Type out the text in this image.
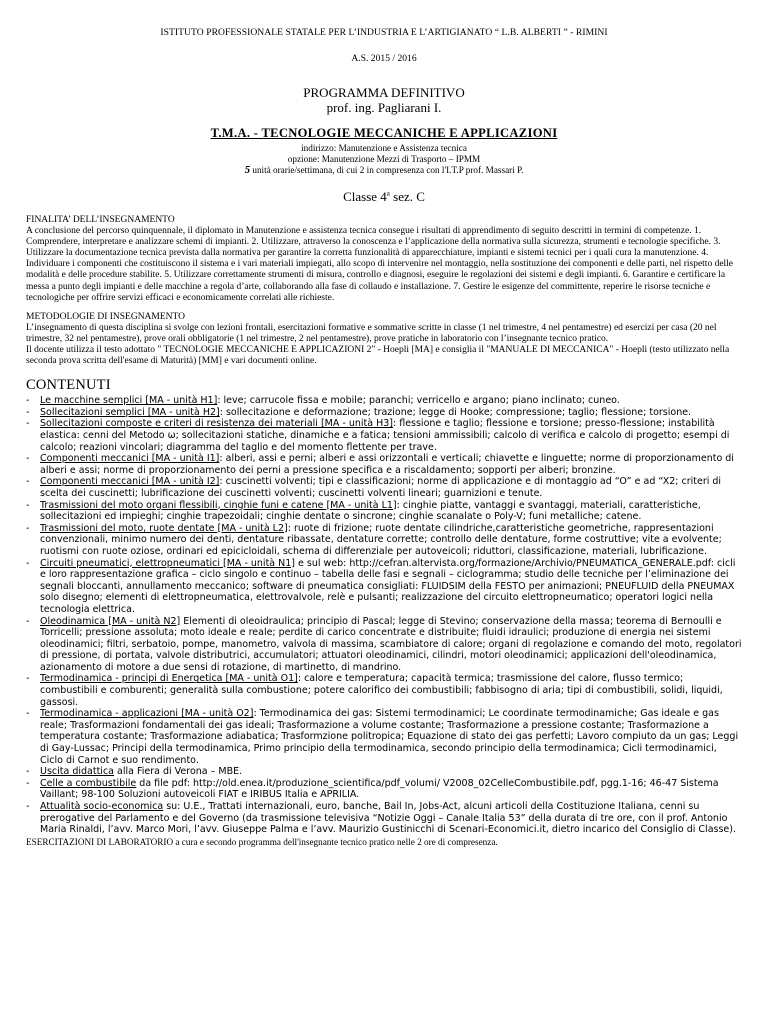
ISTITUTO PROFESSIONALE STATALE PER L’INDUSTRIA E L’ARTIGIANATO “ L.B. ALBERTI ” - RIMINI
A.S. 2015 / 2016
PROGRAMMA DEFINITIVO
prof. ing. Pagliarani I.
T.M.A. - TECNOLOGIE MECCANICHE E APPLICAZIONI
indirizzo: Manutenzione e Assistenza tecnica
opzione: Manutenzione Mezzi di Trasporto – IPMM
5 unità orarie/settimana, di cui 2 in compresenza con l'I.T.P prof. Massari P.
Classe 4$^a$ sez. C
FINALITA’ DELL’INSEGNAMENTO

A conclusione del percorso quinquennale, il diplomato in Manutenzione e assistenza tecnica consegue i risultati di apprendimento di seguito descritti in termini di competenze. 1. Comprendere, interpretare e analizzare schemi di impianti. 2. Utilizzare, attraverso la conoscenza e l’applicazione della normativa sulla sicurezza, strumenti e tecnologie specifiche. 3. Utilizzare la documentazione tecnica prevista dalla normativa per garantire la corretta funzionalità di apparecchiature, impianti e sistemi tecnici per i quali cura la manutenzione. 4. Individuare i componenti che costituiscono il sistema e i vari materiali impiegati, allo scopo di intervenire nel montaggio, nella sostituzione dei componenti e delle parti, nel rispetto delle modalità e delle procedure stabilite. 5. Utilizzare correttamente strumenti di misura, controllo e diagnosi, eseguire le regolazioni dei sistemi e degli impianti. 6. Garantire e certificare la messa a punto degli impianti e delle macchine a regola d’arte, collaborando alla fase di collaudo e installazione. 7. Gestire le esigenze del committente, reperire le risorse tecniche e tecnologiche per offrire servizi efficaci e economicamente correlati alle richieste.

METODOLOGIE DI INSEGNAMENTO

L’insegnamento di questa disciplina si svolge con lezioni frontali, esercitazioni formative e sommative scritte in classe (1 nel trimestre, 4 nel pentamestre) ed esercizi per casa (20 nel trimestre, 32 nel pentamestre), prove orali obbligatorie (1 nel trimestre, 2 nel pentamestre), prove pratiche in laboratorio con l’insegnante tecnico pratico.

Il docente utilizza il testo adottato " TECNOLOGIE MECCANICHE E APPLICAZIONI 2" - Hoepli [MA] e consiglia il "MANUALE DI MECCANICA" - Hoepli (testo utilizzato nella seconda prova scritta dell'esame di Maturità) [MM] e vari documenti online.

CONTENUTI
- Le macchine semplici [MA - unità H1]: leve; carrucole fissa e mobile; paranchi; verricello e argano; piano inclinato; cuneo.
- Sollecitazioni semplici [MA - unità H2]: sollecitazione e deformazione; trazione; legge di Hooke; compressione; taglio; flessione; torsione.
- Sollecitazioni composte e criteri di resistenza dei materiali [MA - unità H3]: flessione e taglio; flessione e torsione; presso-flessione; instabilità elastica: cenni del Metodo ω; sollecitazioni statiche, dinamiche e a fatica; tensioni ammissibili; calcolo di verifica e calcolo di progetto; esempi di calcolo; reazioni vincolari; diagramma del taglio e del momento flettente per trave.
- Componenti meccanici [MA - unità I1]: alberi, assi e perni; alberi e assi orizzontali e verticali; chiavette e linguette; norme di proporzionamento di alberi e assi; norme di proporzionamento dei perni a pressione specifica e a riscaldamento; sopporti per alberi; bronzine.
- Componenti meccanici [MA - unità I2]: cuscinetti volventi; tipi e classificazioni; norme di applicazione e di montaggio ad “O” e ad “X2; criteri di scelta dei cuscinetti; lubrificazione dei cuscinetti volventi; cuscinetti volventi lineari; guarnizioni e tenute.
- Trasmissioni del moto organi flessibili, cinghie funi e catene [MA - unità L1]: cinghie piatte, vantaggi e svantaggi, materiali, caratteristiche, sollecitazioni ed impieghi; cinghie trapezoidali; cinghie dentate o sincrone; cinghie scanalate o Poly-V; funi metalliche; catene.
- Trasmissioni del moto, ruote dentate [MA - unità L2]: ruote di frizione; ruote dentate cilindriche,caratteristiche geometriche, rappresentazioni convenzionali, minimo numero dei denti, dentature ribassate, dentature corrette; controllo delle dentature, forme costruttive; vite a evolvente; ruotismi con ruote oziose, ordinari ed epicicloidali, schema di differenziale per autoveicoli; riduttori, classificazione, materiali, lubrificazione.
- Circuiti pneumatici, elettropneumatici [MA - unità N1] e sul web: http://cefran.altervista.org/formazione/Archivio/PNEUMATICA_GENERALE.pdf: cicli e loro rappresentazione grafica – ciclo singolo e continuo – tabella delle fasi e segnali – ciclogramma; studio delle tecniche per l’eliminazione dei segnali bloccanti, annullamento meccanico; software di pneumatica consigliati: FLUIDSIM della FESTO per animazioni; PNEUFLUID della PNEUMAX solo disegno; elementi di elettropneumatica, elettrovalvole, relè e pulsanti; realizzazione del circuito elettropneumatico; operatori logici nella tecnologia elettrica.
- Oleodinamica [MA - unità N2] Elementi di oleoidraulica; principio di Pascal; legge di Stevino; conservazione della massa; teorema di Bernoulli e Torricelli; pressione assoluta; moto ideale e reale; perdite di carico concentrate e distribuite; fluidi idraulici; produzione di energia nei sistemi oleodinamici; filtri, serbatoio, pompe, manometro, valvola di massima, scambiatore di calore; organi di regolazione e comando del moto, regolatori di pressione, di portata, valvole distributrici, accumulatori; attuatori oleodinamici, cilindri, motori oleodinamici; applicazioni dell'oleodinamica, azionamento di motore a due sensi di rotazione, di martinetto, di mandrino.
- Termodinamica - principi di Energetica [MA - unità O1]: calore e temperatura; capacità termica; trasmissione del calore, flusso termico; combustibili e comburenti; generalità sulla combustione; potere calorifico dei combustibili; fabbisogno di aria; tipi di combustibili, solidi, liquidi, gassosi.
- Termodinamica - applicazioni [MA - unità O2]: Termodinamica dei gas: Sistemi termodinamici; Le coordinate termodinamiche; Gas ideale e gas reale; Trasformazioni fondamentali dei gas ideali; Trasformazione a volume costante; Trasformazione a pressione costante; Trasformazione a temperatura costante; Trasformazione adiabatica; Trasformzione politropica; Equazione di stato dei gas perfetti; Lavoro compiuto da un gas; Leggi di Gay-Lussac; Principi della termodinamica, Primo principio della termodinamica, secondo principio della termodinamica; Cicli termodinamici, Ciclo di Carnot e suo rendimento.
- Uscita didattica alla Fiera di Verona – MBE.
- Celle a combustibile da file pdf: http://old.enea.it/produzione_scientifica/pdf_volumi/ V2008_02CelleCombustibile.pdf, pgg.1-16; 46-47 Sistema Vaillant; 98-100 Soluzioni autoveicoli FIAT e IRIBUS Italia e APRILIA.
- Attualità socio-economica su: U.E., Trattati internazionali, euro, banche, Bail In, Jobs-Act, alcuni articoli della Costituzione Italiana, cenni su prerogative del Parlamento e del Governo (da trasmissione televisiva “Notizie Oggi – Canale Italia 53” della durata di tre ore, con il prof. Antonio Maria Rinaldi, l’avv. Marco Mori, l’avv. Giuseppe Palma e l’avv. Maurizio Gustinicchi di Scenari-Economici.it, dietro incarico del Consiglio di Classe).
ESERCITAZIONI DI LABORATORIO a cura e secondo programma dell'insegnante tecnico pratico nelle 2 ore di compresenza.
